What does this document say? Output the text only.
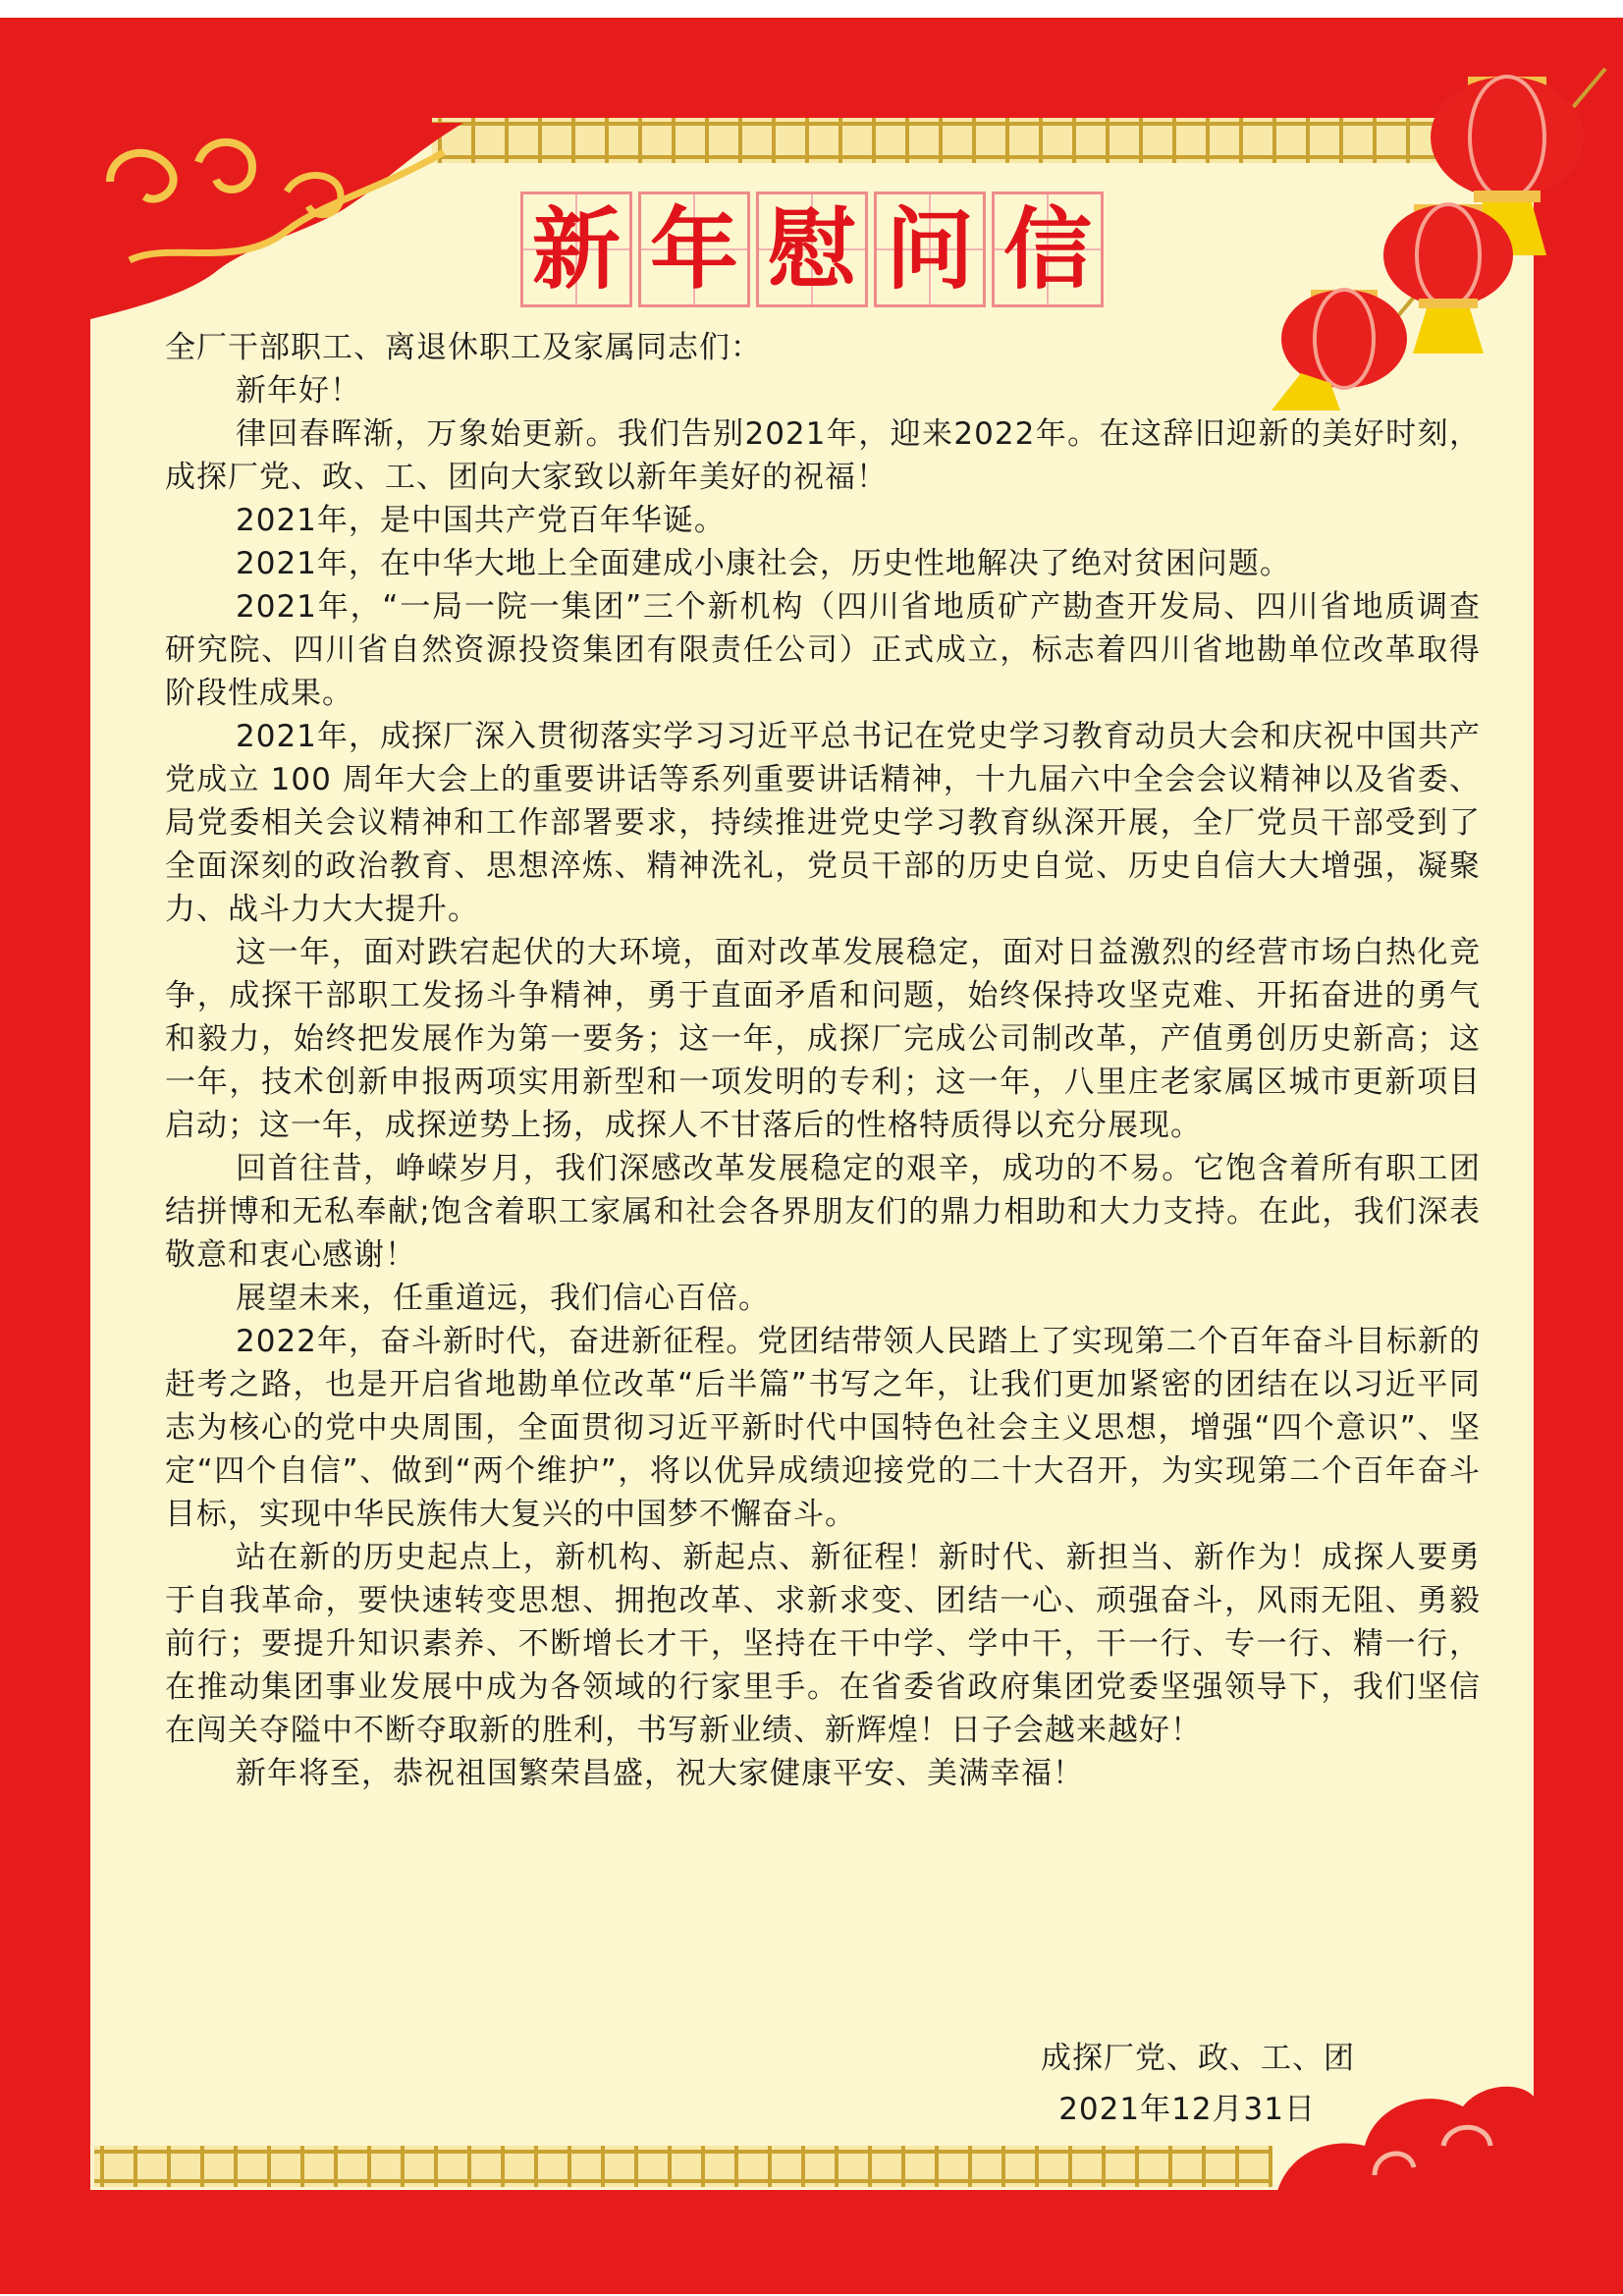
新 年 慰 问 信

全厂干部职工、离退休职工及家属同志们：

新年好！

律回春晖渐，万象始更新。我们告别2021年，迎来2022年。在这辞旧迎新的美好时刻，成探厂党、政、工、团向大家致以新年美好的祝福！

2021年，是中国共产党百年华诞。

2021年，在中华大地上全面建成小康社会，历史性地解决了绝对贫困问题。

2021年，“一局一院一集团”三个新机构（四川省地质矿产勘查开发局、四川省地质调查研究院、四川省自然资源投资集团有限责任公司）正式成立，标志着四川省地勘单位改革取得阶段性成果。

2021年，成探厂深入贯彻落实学习习近平总书记在党史学习教育动员大会和庆祝中国共产党成立 100 周年大会上的重要讲话等系列重要讲话精神，十九届六中全会会议精神以及省委、局党委相关会议精神和工作部署要求，持续推进党史学习教育纵深开展，全厂党员干部受到了全面深刻的政治教育、思想淬炼、精神洗礼，党员干部的历史自觉、历史自信大大增强，凝聚力、战斗力大大提升。

这一年，面对跌宕起伏的大环境，面对改革发展稳定，面对日益激烈的经营市场白热化竞争，成探干部职工发扬斗争精神，勇于直面矛盾和问题，始终保持攻坚克难、开拓奋进的勇气和毅力，始终把发展作为第一要务；这一年，成探厂完成公司制改革，产值勇创历史新高；这一年，技术创新申报两项实用新型和一项发明的专利；这一年，八里庄老家属区城市更新项目启动；这一年，成探逆势上扬，成探人不甘落后的性格特质得以充分展现。

回首往昔，峥嵘岁月，我们深感改革发展稳定的艰辛，成功的不易。它饱含着所有职工团结拼博和无私奉献;饱含着职工家属和社会各界朋友们的鼎力相助和大力支持。在此，我们深表敬意和衷心感谢！

展望未来，任重道远，我们信心百倍。

2022年，奋斗新时代，奋进新征程。党团结带领人民踏上了实现第二个百年奋斗目标新的赶考之路，也是开启省地勘单位改革“后半篇”书写之年，让我们更加紧密的团结在以习近平同志为核心的党中央周围，全面贯彻习近平新时代中国特色社会主义思想，增强“四个意识”、坚定“四个自信”、做到“两个维护”，将以优异成绩迎接党的二十大召开，为实现第二个百年奋斗目标，实现中华民族伟大复兴的中国梦不懈奋斗。

站在新的历史起点上，新机构、新起点、新征程！新时代、新担当、新作为！成探人要勇于自我革命，要快速转变思想、拥抱改革、求新求变、团结一心、顽强奋斗，风雨无阻、勇毅前行；要提升知识素养、不断增长才干，坚持在干中学、学中干，干一行、专一行、精一行，在推动集团事业发展中成为各领域的行家里手。在省委省政府集团党委坚强领导下，我们坚信在闯关夺隘中不断夺取新的胜利，书写新业绩、新辉煌！日子会越来越好！

新年将至，恭祝祖国繁荣昌盛，祝大家健康平安、美满幸福！

成探厂党、政、工、团
2021年12月31日
